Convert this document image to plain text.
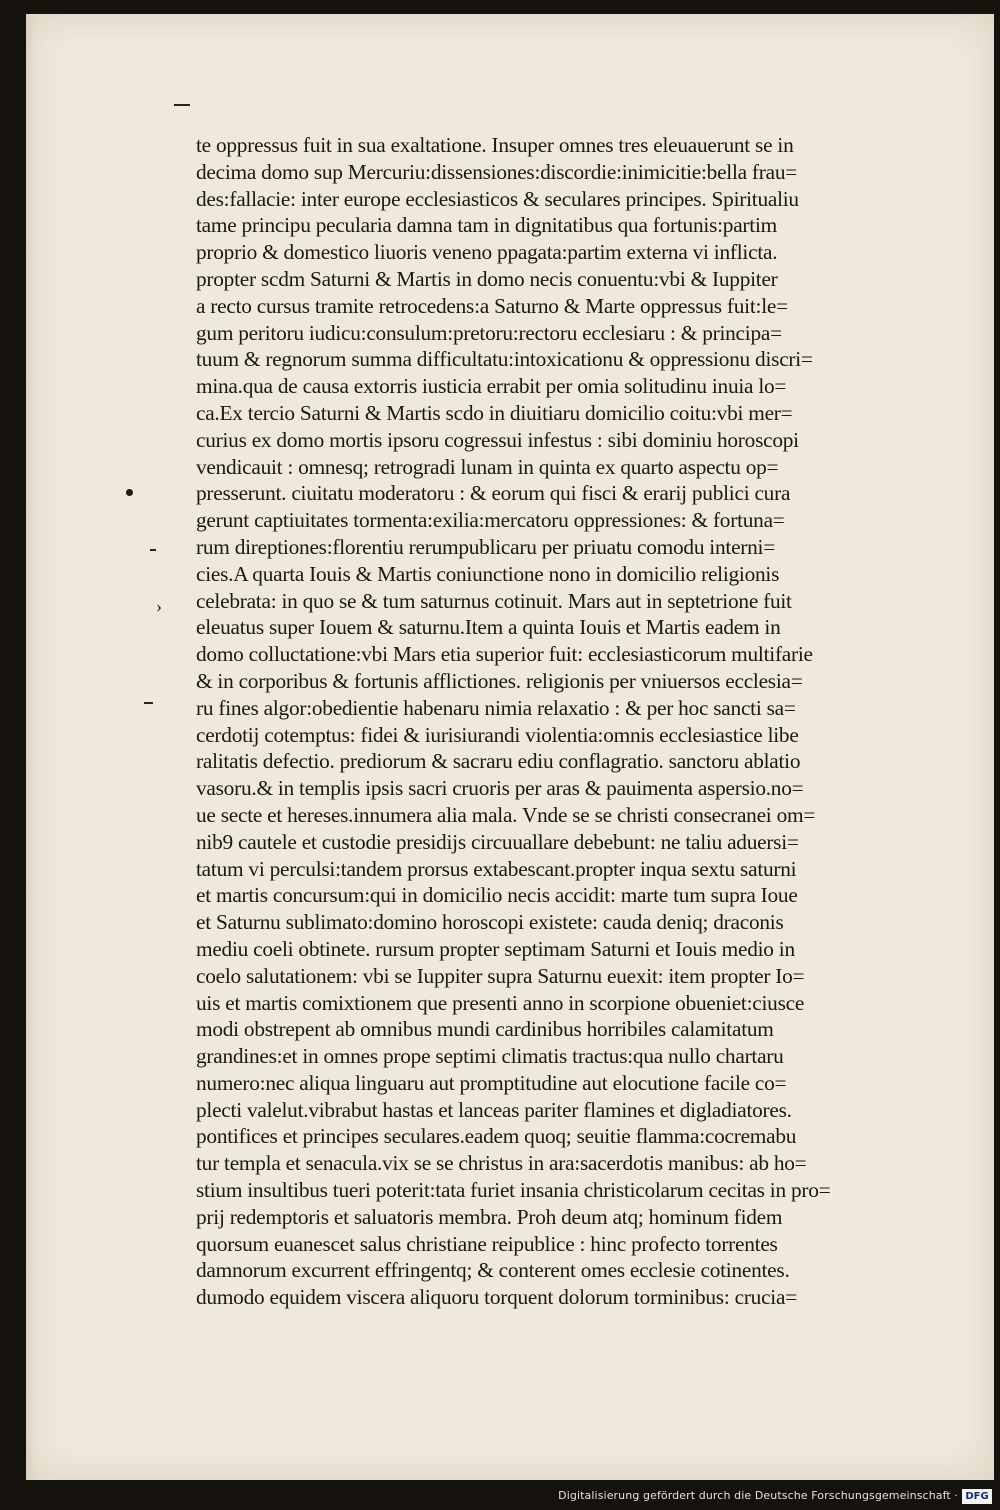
›
te oppressus fuit in sua exaltatione. Insuper omnes tres eleuauerunt se in
decima domo sup Mercuriu:dissensiones:discordie:inimicitie:bella frau=
des:fallacie: inter europe ecclesiasticos & seculares principes. Spiritualiu
tame principu pecularia damna tam in dignitatibus qua fortunis:partim
proprio & domestico liuoris veneno ppagata:partim externa vi inflicta.
propter scdm Saturni & Martis in domo necis conuentu:vbi & Iuppiter
a recto cursus tramite retrocedens:a Saturno & Marte oppressus fuit:le=
gum peritoru iudicu:consulum:pretoru:rectoru ecclesiaru : & principa=
tuum & regnorum summa difficultatu:intoxicationu & oppressionu discri=
mina.qua de causa extorris iusticia errabit per omia solitudinu inuia lo=
ca.Ex tercio Saturni & Martis scdo in diuitiaru domicilio coitu:vbi mer=
curius ex domo mortis ipsoru cogressui infestus : sibi dominiu horoscopi
vendicauit : omnesq; retrogradi lunam in quinta ex quarto aspectu op=
presserunt. ciuitatu moderatoru : & eorum qui fisci & erarij publici cura
gerunt captiuitates tormenta:exilia:mercatoru oppressiones: & fortuna=
rum direptiones:florentiu rerumpublicaru per priuatu comodu interni=
cies.A quarta Iouis & Martis coniunctione nono in domicilio religionis
celebrata: in quo se & tum saturnus cotinuit. Mars aut in septetrione fuit
eleuatus super Iouem & saturnu.Item a quinta Iouis et Martis eadem in
domo colluctatione:vbi Mars etia superior fuit: ecclesiasticorum multifarie
& in corporibus & fortunis afflictiones. religionis per vniuersos ecclesia=
ru fines algor:obedientie habenaru nimia relaxatio : & per hoc sancti sa=
cerdotij cotemptus: fidei & iurisiurandi violentia:omnis ecclesiastice libe
ralitatis defectio. prediorum & sacraru ediu conflagratio. sanctoru ablatio
vasoru.& in templis ipsis sacri cruoris per aras & pauimenta aspersio.no=
ue secte et hereses.innumera alia mala. Vnde se se christi consecranei om=
nib9 cautele et custodie presidijs circuuallare debebunt: ne taliu aduersi=
tatum vi perculsi:tandem prorsus extabescant.propter inqua sextu saturni
et martis concursum:qui in domicilio necis accidit: marte tum supra Ioue
et Saturnu sublimato:domino horoscopi existete: cauda deniq; draconis
mediu coeli obtinete. rursum propter septimam Saturni et Iouis medio in
coelo salutationem: vbi se Iuppiter supra Saturnu euexit: item propter Io=
uis et martis comixtionem que presenti anno in scorpione obueniet:ciusce
modi obstrepent ab omnibus mundi cardinibus horribiles calamitatum
grandines:et in omnes prope septimi climatis tractus:qua nullo chartaru
numero:nec aliqua linguaru aut promptitudine aut elocutione facile co=
plecti valelut.vibrabut hastas et lanceas pariter flamines et digladiatores.
pontifices et principes seculares.eadem quoq; seuitie flamma:cocremabu
tur templa et senacula.vix se se christus in ara:sacerdotis manibus: ab ho=
stium insultibus tueri poterit:tata furiet insania christicolarum cecitas in pro=
prij redemptoris et saluatoris membra. Proh deum atq; hominum fidem
quorsum euanescet salus christiane reipublice : hinc profecto torrentes
damnorum excurrent effringentq; & conterent omes ecclesie cotinentes.
dumodo equidem viscera aliquoru torquent dolorum torminibus: crucia=
Digitalisierung gefördert durch die Deutsche Forschungsgemeinschaft · DFG
